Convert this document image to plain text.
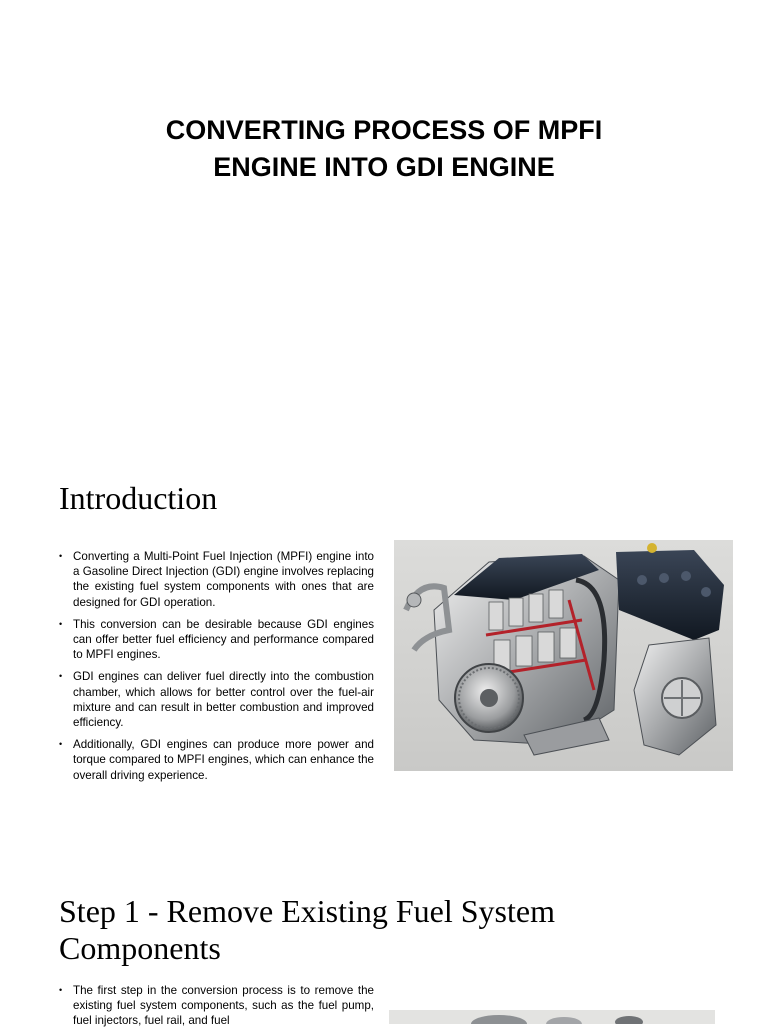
CONVERTING PROCESS OF MPFI
ENGINE INTO GDI ENGINE
Introduction
• Converting a Multi-Point Fuel Injection (MPFI) engine into a Gasoline Direct Injection (GDI) engine involves replacing the existing fuel system components with ones that are designed for GDI operation.
• This conversion can be desirable because GDI engines can offer better fuel efficiency and performance compared to MPFI engines.
• GDI engines can deliver fuel directly into the combustion chamber, which allows for better control over the fuel-air mixture and can result in better combustion and improved efficiency.
• Additionally, GDI engines can produce more power and torque compared to MPFI engines, which can enhance the overall driving experience.
Step 1 - Remove Existing Fuel System
Components
• The first step in the conversion process is to remove the existing fuel system components, such as the fuel pump, fuel injectors, fuel rail, and fuel
